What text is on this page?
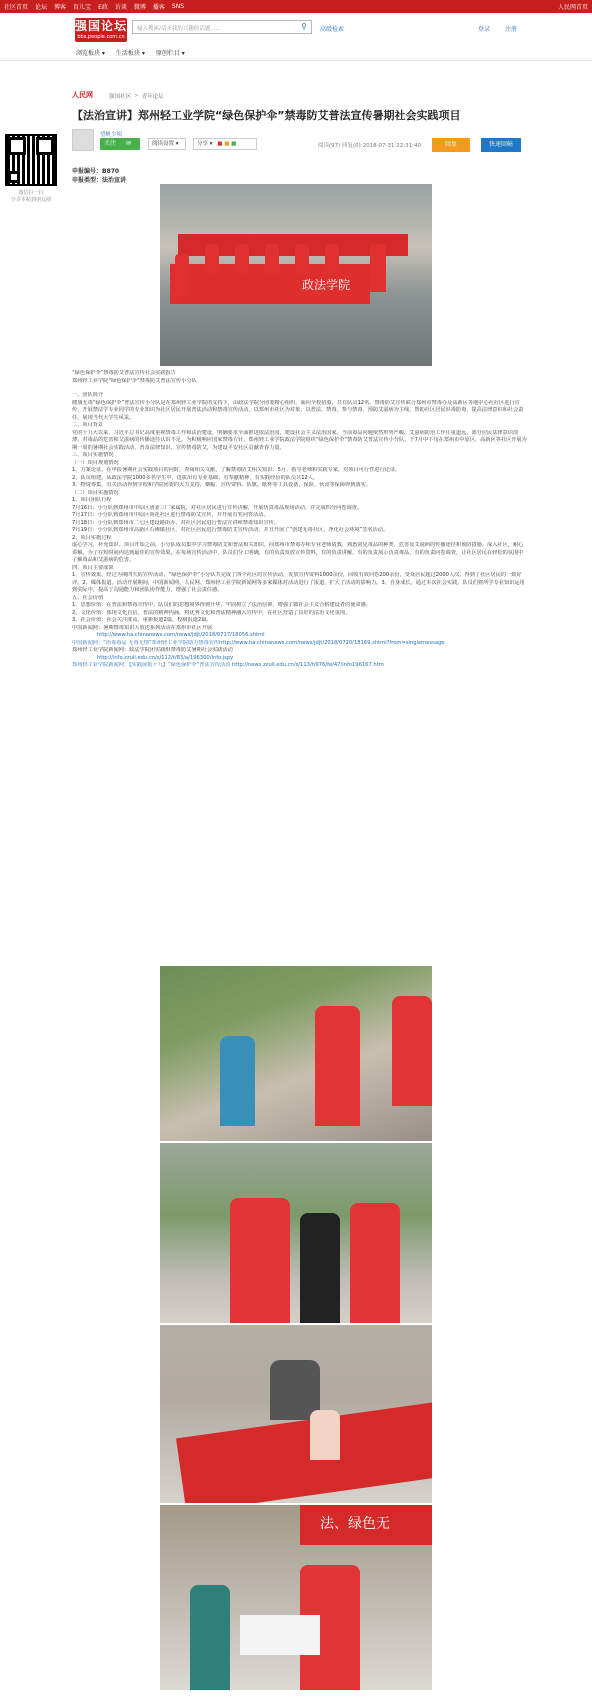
社区首页 论坛 博客 育儿宝 E政 访谈 微博 播客 SNS	人民网首页
强国论坛
bbs.people.com.cn
输入搜索/请求我的兴趣的话题......	⚲	高级检索	登录 注册
浏览板块 ▾ 生活板块 ▾ 原创栏目 ▾
人民网	强国社区 > 青年论坛
【法治宣讲】郑州轻工业学院“绿色保护伞”禁毒防艾普法宣传暑期社会实践项目
微信扫一扫
分享本帖到朋友圈
望帆少顷
关注 ✉	阅读设置 ▾	分享 ▾ ■ ■ ■	阅读(97) 回复(0) 2018-07-31 22:31:40	回复	快速回帖
申报编号：B870
申报类型：法治宣讲
政法学院

“绿色保护伞”禁毒防艾普法宣传社会实践报告

郑州轻工业学院“绿色保护伞”禁毒防艾普法宣传小分队

一、团队简介

健康无毒“绿色保护伞”普法宣传小分队是在郑州轻工业学院的支持下，由政法学院分团委精心组织，面向全校招募，共有队员12名。禁毒防艾宣传联合郑州市禁毒办及高新区等地中心社社区进行宣传，开展禁法学专业同学的专业知识为社区居民开展普法活动和禁毒宣传活动，以郑州市社区为对象，以普法、禁毒、参与禁毒、预防艾滋病为主线，帮助社区居民识毒防毒，提高法律意识和社会责任，展现当代大学生风采。

二、项目背景

党的十九大以来，习近平总书记高度重视禁毒工作和法治建设，明确要求全面推进依法治国，建设社会主义法治国家。当前毒品问题依然形势严峻，艾滋病防治工作任重道远，部分居民法律意识淡薄，对毒品的危害和艾滋病的传播途径认识不足。为积极响应国家禁毒方针，郑州轻工业学院政法学院组织“绿色保护伞”禁毒防艾普法宣传小分队，于7月中下旬在郑州市中原区、高新区等社区开展为期一周的暑期社会实践活动，普及法律知识，宣传禁毒防艾，为建设平安社区贡献青春力量。

三、项目实施情况

（一）项目规划情况

1、方案论证。在申报暑期社会实践项目的同时，查阅相关文献，了解禁毒防艾相关知识：5月，指导老师和实践专家，对项目可行性进行论证。

2、队员组建。从政法学院1000多名学生中，选拔出有专业基础、有奉献精神、有实践经验的队员共12人。

3、物资筹集。有关活动得到学校和学院团委的大力支持，横幅、宣传资料、队旗、纸杯等工具设备，保险、伙食等保障得到落实。

（二）项目实施情况

1、项目团队行程

7月16日：小分队到郑州市中原区团委三厂家属院，对社区居民进行宣传讲解，开展仿真毒品现场活动，并完成四分问卷调查。

7月17日：小分队到郑州市中原区荷花社区进行禁毒防艾宣传，并开展有奖问答活动。

7月18日：小分队到郑州市二七区建设路街办，对社区居民进行普法宣讲和禁毒知识宣传。

7月19日：小分队到郑州市高新区石佛镇社区，对社区居民进行禁毒防艾宣传活动，并且开展了“创建无毒社区，净化社会环境”签名活动。

2、项目实施过程

虚心学习，补充知识。项目开始之前，小分队成员集中学习禁毒防艾和普法相关知识，向郑州市禁毒办和专业老师请教，熟悉常见毒品的种类、危害及艾滋病的传播途径和预防措施。深入社区，耐心讲解。为了在短时间内达到最佳的宣传效果，在每场宣传活动中，队员们分工明确，有的负责发放宣传资料，有的负责讲解，有的负责展示仿真毒品，有的负责问卷调查，让社区居民在轻松的氛围中了解毒品和艾滋病的危害。

四、项目主要成果

1、宣传效果。经过为期四天的宣传活动，“绿色保护伞”小分队共完成了四个社区的宣传活动，发放宣传资料1000余份，回收有效问卷200余份，受众居民超过2000人次，得到了社区居民的一致好评。2、媒体报道。活动开展期间，中国新闻网、人民网、郑州轻工业学院新闻网等多家媒体对活动进行了报道，扩大了活动的影响力。3、自身成长。通过本次社会实践，队员们将所学专业知识运用到实际中，提高了沟通能力和团队协作能力，增强了社会责任感。

五、社会价值

1、思想价值：在普法和禁毒宣传中，队员们的思想境界得到升华，牢固树立了法治信仰，增强了做社会主义合格建设者的使命感。

2、文化价值：体现文化自信、普法的精神内涵，将优秀文化和普法精神融入宣传中，在社区营造了良好的法治文化氛围。

3、社会价值：社会关注度高，重新报道2篇，校级报道2篇。

中国新闻网：暑期禁毒知识大放送系列活动在郑州市社区开展

http://www.ha.chinanews.com/news/jdjt/2018/0717/18056.shtml

中国新闻网：“语毒毒品 无毒无情”郑州轻工业学院助力禁毒宣传http://www.ha.chinanews.com/news/jdjt/2018/0720/18169.shtml?from=singlemessage

郑州轻工业学院新闻网：政法学院团实践组禁毒防艾暑期社会实践活动

http://info.zzuli.edu.cn/s/112/t/83/a/196300/info.jspy

郑州轻工业学院新闻网：【实践展报十九】“绿色保护伞”普法宣传活动 http://news.zzuli.edu.cn/s/113/t/976/fe/47/info196167.htm

法、绿色无
